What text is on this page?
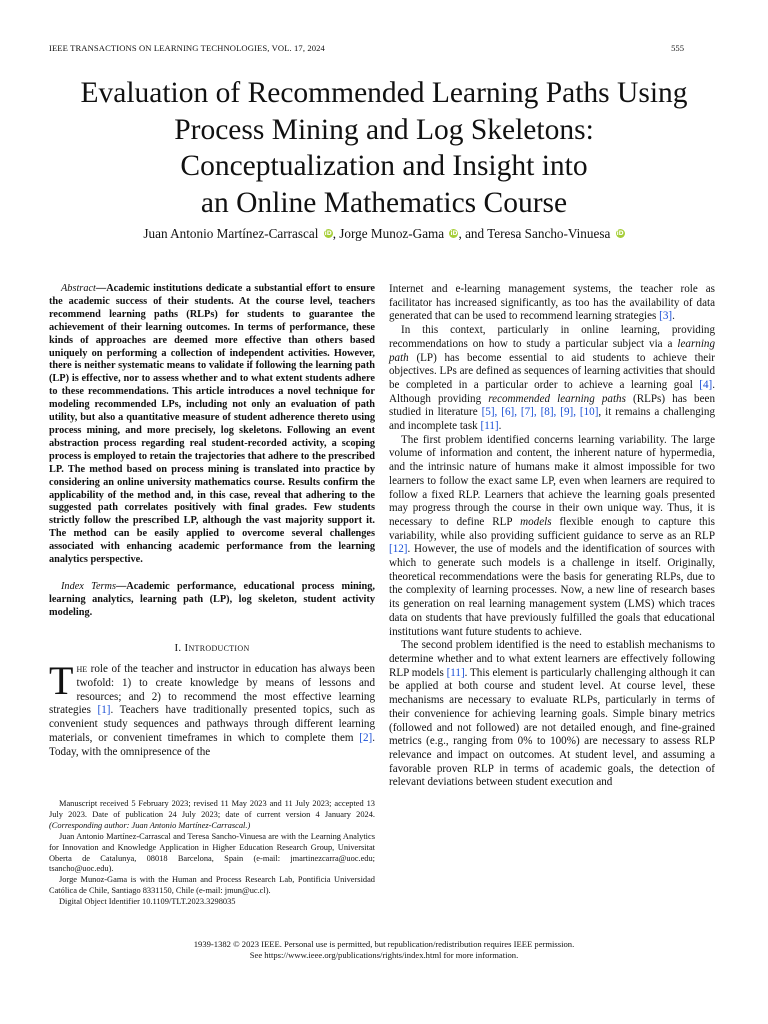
IEEE TRANSACTIONS ON LEARNING TECHNOLOGIES, VOL. 17, 2024	555
Evaluation of Recommended Learning Paths Using
Process Mining and Log Skeletons:
Conceptualization and Insight into
an Online Mathematics Course
Juan Antonio Martínez-Carrascal iD, Jorge Munoz-Gama iD, and Teresa Sancho-Vinuesa iD

Abstract—Academic institutions dedicate a substantial effort to ensure the academic success of their students. At the course level, teachers recommend learning paths (RLPs) for students to guarantee the achievement of their learning outcomes. In terms of performance, these kinds of approaches are deemed more effective than others based uniquely on performing a collection of independent activities. However, there is neither systematic means to validate if following the learning path (LP) is effective, nor to assess whether and to what extent students adhere to these recommendations. This article introduces a novel technique for modeling recommended LPs, including not only an evaluation of path utility, but also a quantitative measure of student adherence thereto using process mining, and more precisely, log skeletons. Following an event abstraction process regarding real student-recorded activity, a scoping process is employed to retain the trajectories that adhere to the prescribed LP. The method based on process mining is translated into practice by considering an online university mathematics course. Results confirm the applicability of the method and, in this case, reveal that adhering to the suggested path correlates positively with final grades. Few students strictly follow the prescribed LP, although the vast majority support it. The method can be easily applied to overcome several challenges associated with enhancing academic performance from the learning analytics perspective.

Index Terms—Academic performance, educational process mining, learning analytics, learning path (LP), log skeleton, student activity modeling.

I. Introduction

The role of the teacher and instructor in education has always been twofold: 1) to create knowledge by means of lessons and resources; and 2) to recommend the most effective learning strategies [1]. Teachers have traditionally presented topics, such as convenient study sequences and pathways through different learning materials, or convenient timeframes in which to complete them [2]. Today, with the omnipresence of the

Manuscript received 5 February 2023; revised 11 May 2023 and 11 July 2023; accepted 13 July 2023. Date of publication 24 July 2023; date of current version 4 January 2024. (Corresponding author: Juan Antonio Martínez-Carrascal.)

Juan Antonio Martínez-Carrascal and Teresa Sancho-Vinuesa are with the Learning Analytics for Innovation and Knowledge Application in Higher Education Research Group, Universitat Oberta de Catalunya, 08018 Barcelona, Spain (e-mail: jmartinezcarra@uoc.edu; tsancho@uoc.edu).

Jorge Munoz-Gama is with the Human and Process Research Lab, Pontificia Universidad Católica de Chile, Santiago 8331150, Chile (e-mail: jmun@uc.cl).

Digital Object Identifier 10.1109/TLT.2023.3298035

Internet and e-learning management systems, the teacher role as facilitator has increased significantly, as too has the availability of data generated that can be used to recommend learning strategies [3].

In this context, particularly in online learning, providing recommendations on how to study a particular subject via a learning path (LP) has become essential to aid students to achieve their objectives. LPs are defined as sequences of learning activities that should be completed in a particular order to achieve a learning goal [4]. Although providing recommended learning paths (RLPs) has been studied in literature [5], [6], [7], [8], [9], [10], it remains a challenging and incomplete task [11].

The first problem identified concerns learning variability. The large volume of information and content, the inherent nature of hypermedia, and the intrinsic nature of humans make it almost impossible for two learners to follow the exact same LP, even when learners are required to follow a fixed RLP. Learners that achieve the learning goals presented may progress through the course in their own unique way. Thus, it is necessary to define RLP models flexible enough to capture this variability, while also providing sufficient guidance to serve as an RLP [12]. However, the use of models and the identification of sources with which to generate such models is a challenge in itself. Originally, theoretical recommendations were the basis for generating RLPs, due to the complexity of learning processes. Now, a new line of research bases its generation on real learning management system (LMS) which traces data on students that have previously fulfilled the goals that educational institutions want future students to achieve.

The second problem identified is the need to establish mechanisms to determine whether and to what extent learners are effectively following RLP models [11]. This element is particularly challenging although it can be applied at both course and student level. At course level, these mechanisms are necessary to evaluate RLPs, particularly in terms of their convenience for achieving learning goals. Simple binary metrics (followed and not followed) are not detailed enough, and fine-grained metrics (e.g., ranging from 0% to 100%) are necessary to assess RLP relevance and impact on outcomes. At student level, and assuming a favorable proven RLP in terms of academic goals, the detection of relevant deviations between student execution and

1939-1382 © 2023 IEEE. Personal use is permitted, but republication/redistribution requires IEEE permission.
See https://www.ieee.org/publications/rights/index.html for more information.
